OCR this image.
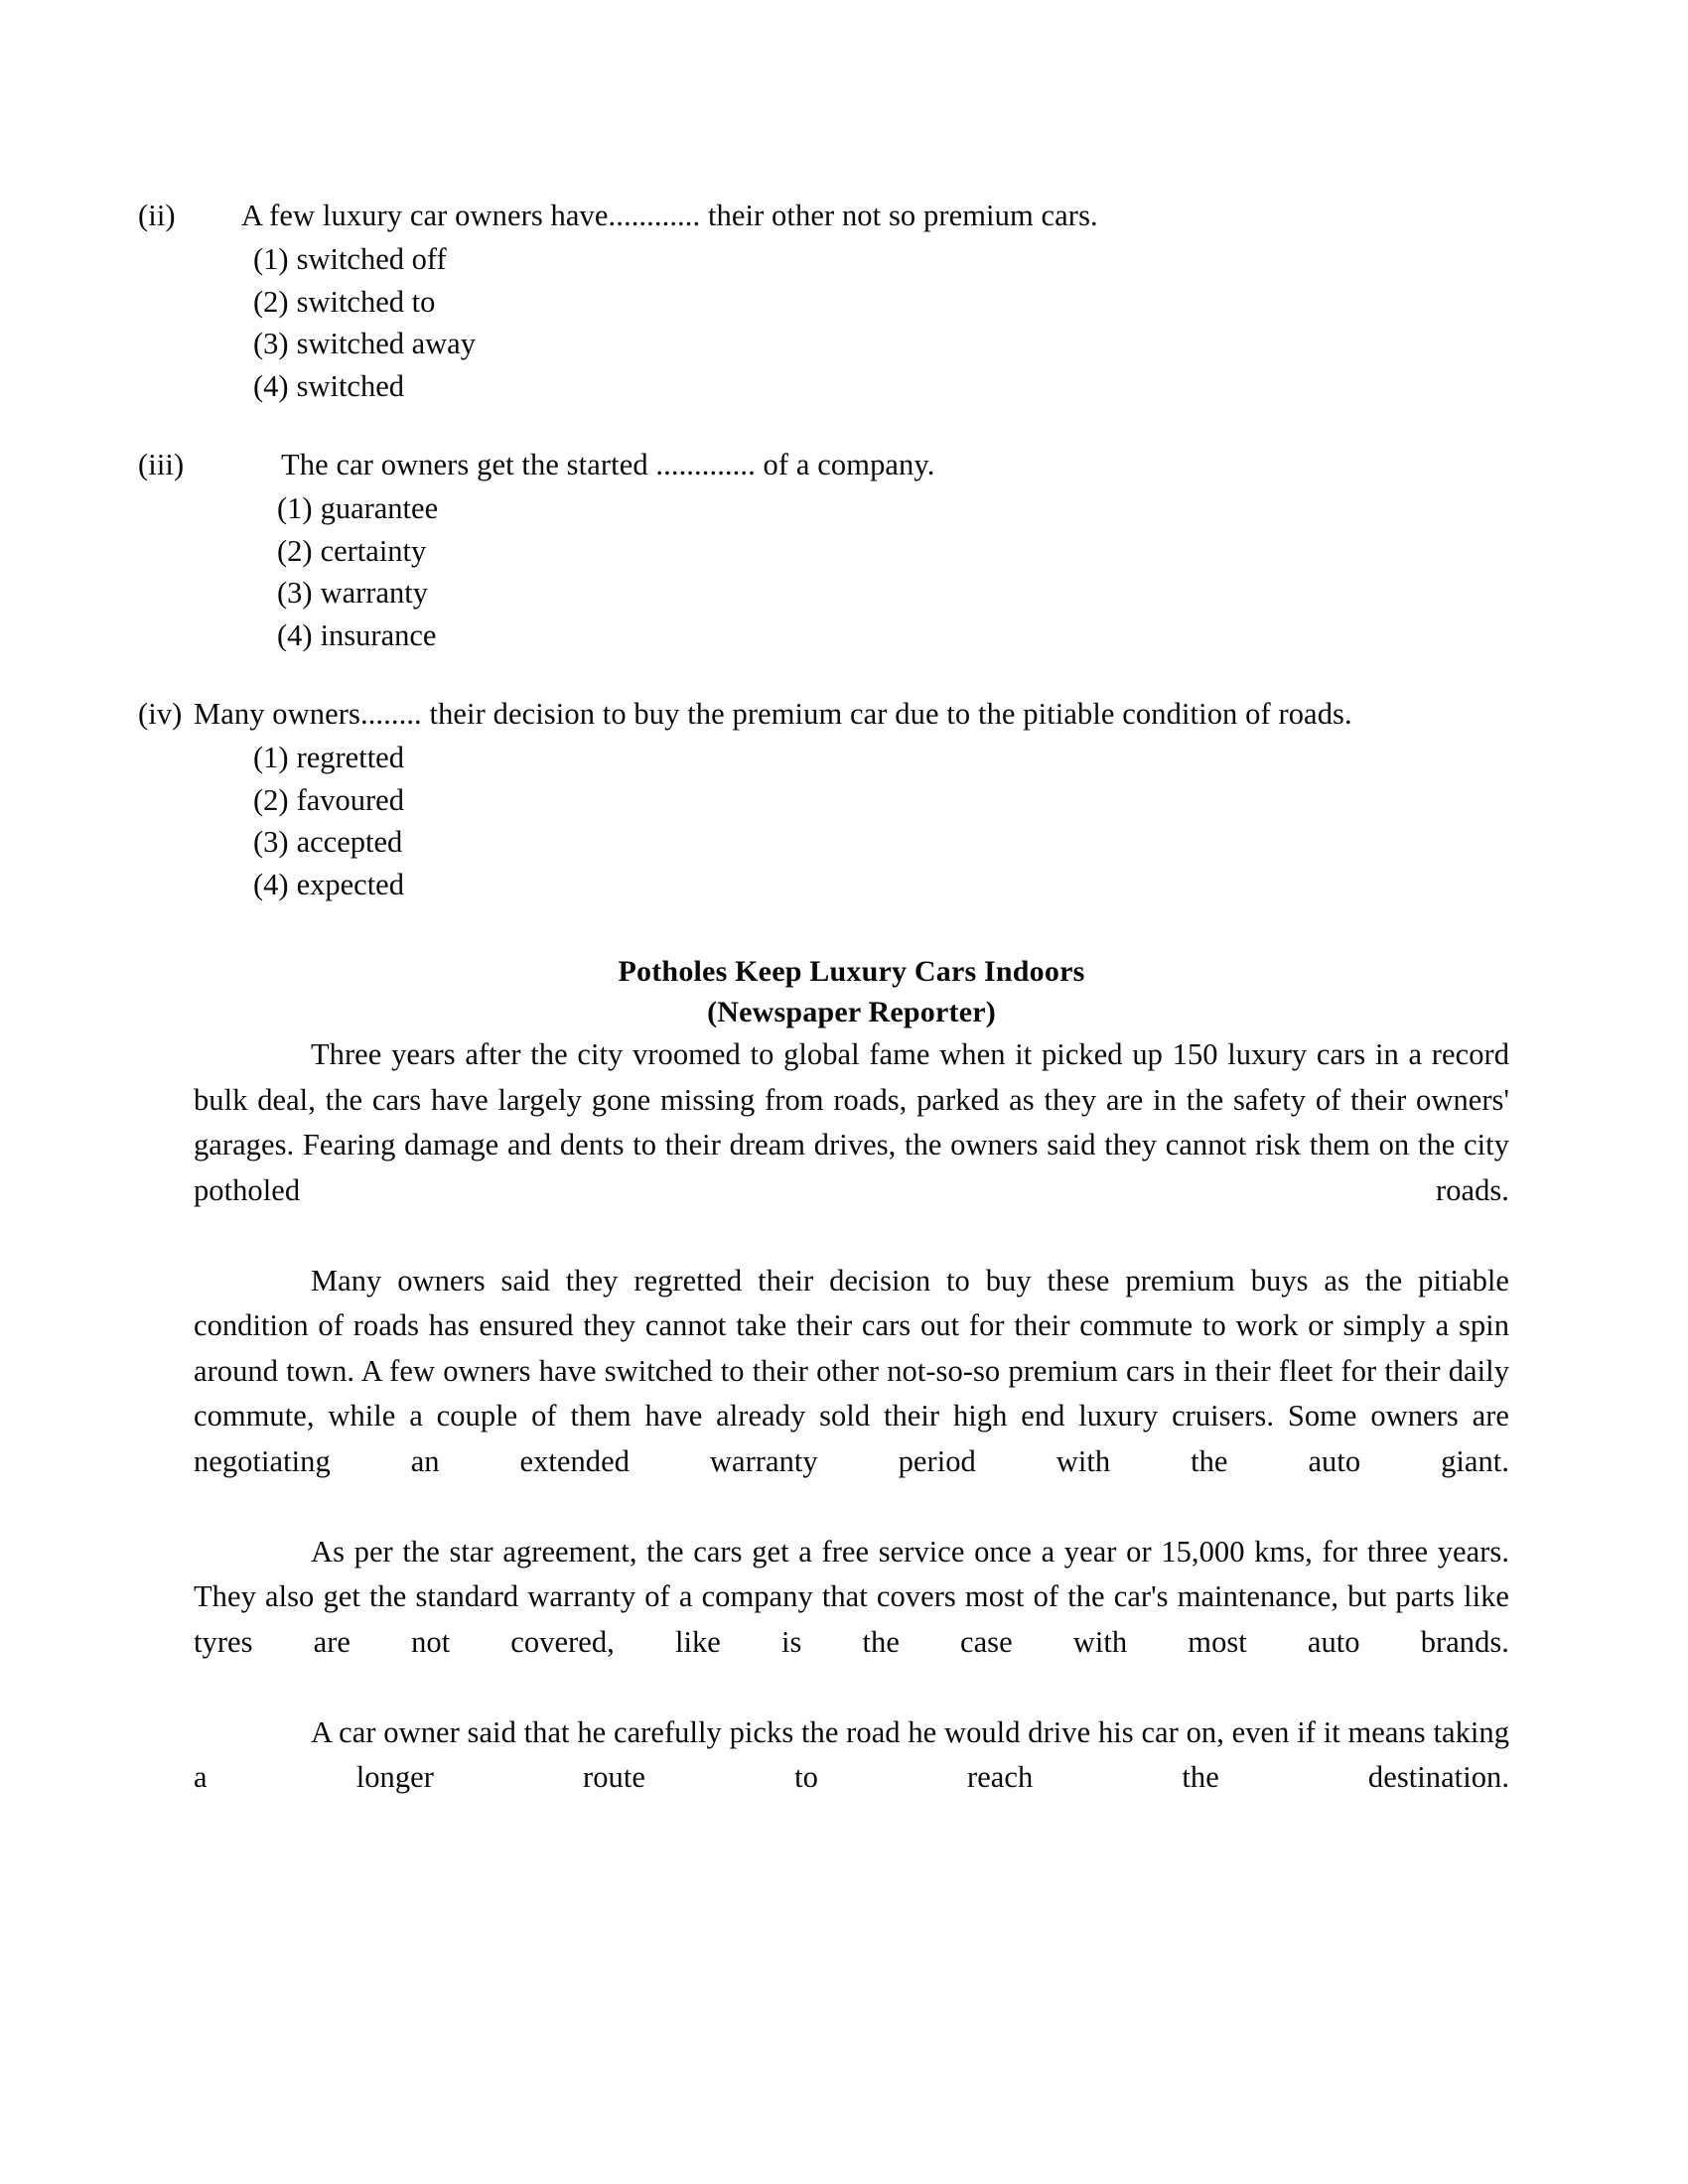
(ii) A few luxury car owners have............ their other not so premium cars.

(1) switched off
(2) switched to
(3) switched away
(4) switched

(iii)	The car owners get the started ............. of a company.

(1) guarantee
(2) certainty
(3) warranty
(4) insurance

(iv) Many owners........ their decision to buy the premium car due to the pitiable condition of roads.

(1) regretted
(2) favoured
(3) accepted
(4) expected

Potholes Keep Luxury Cars Indoors

(Newspaper Reporter)

Three years after the city vroomed to global fame when it picked up 150 luxury cars in a record bulk deal, the cars have largely gone missing from roads, parked as they are in the safety of their owners' garages. Fearing damage and dents to their dream drives, the owners said they cannot risk them on the city potholed roads.

Many owners said they regretted their decision to buy these premium buys as the pitiable condition of roads has ensured they cannot take their cars out for their commute to work or simply a spin around town. A few owners have switched to their other not-so-so premium cars in their fleet for their daily commute, while a couple of them have already sold their high end luxury cruisers. Some owners are negotiating an extended warranty period with the auto giant.

As per the star agreement, the cars get a free service once a year or 15,000 kms, for three years. They also get the standard warranty of a company that covers most of the car's maintenance, but parts like tyres are not covered, like is the case with most auto brands.

A car owner said that he carefully picks the road he would drive his car on, even if it means taking a longer route to reach the destination.
